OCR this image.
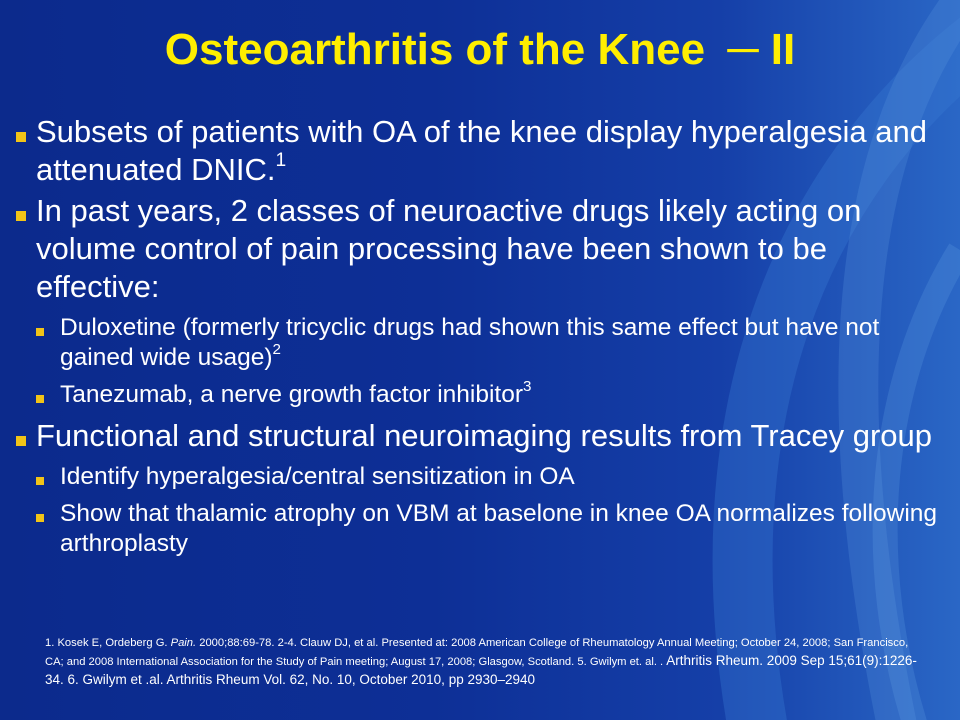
Osteoarthritis of the Knee ─ II
Subsets of patients with OA of the knee display hyperalgesia and attenuated DNIC.$^1$
In past years, 2 classes of neuroactive drugs likely acting on volume control of pain processing have been shown to be effective:
Duloxetine (formerly tricyclic drugs had shown this same effect but have not gained wide usage)$^2$
Tanezumab, a nerve growth factor inhibitor$^3$
Functional and structural neuroimaging results from Tracey group
Identify hyperalgesia/central sensitization in OA
Show that thalamic atrophy on VBM at baselone in knee OA normalizes following arthroplasty
1. Kosek E, Ordeberg G. Pain. 2000;88:69-78. 2-4. Clauw DJ, et al. Presented at: 2008 American College of Rheumatology Annual Meeting; October 24, 2008; San Francisco, CA; and 2008 International Association for the Study of Pain meeting; August 17, 2008; Glasgow, Scotland. 5. Gwilym et. al. . Arthritis Rheum. 2009 Sep 15;61(9):1226-34. 6. Gwilym et .al. Arthritis Rheum Vol. 62, No. 10, October 2010, pp 2930–2940
